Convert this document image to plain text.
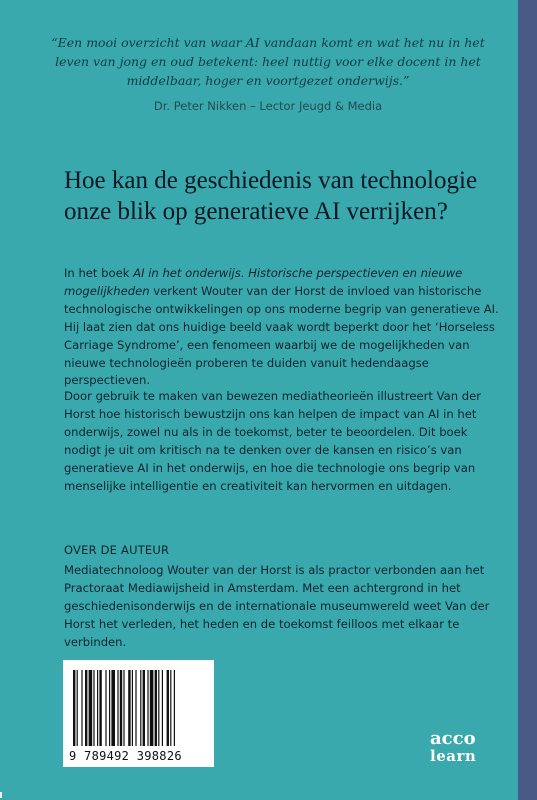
“Een mooi overzicht van waar AI vandaan komt en wat het nu in het leven van jong en oud betekent: heel nuttig voor elke docent in het middelbaar, hoger en voortgezet onderwijs.”
Dr. Peter Nikken – Lector Jeugd & Media
Hoe kan de geschiedenis van technologie onze blik op generatieve AI verrijken?
In het boek AI in het onderwijs. Historische perspectieven en nieuwe mogelijkheden verkent Wouter van der Horst de invloed van historische technologische ontwikkelingen op ons moderne begrip van generatieve AI. Hij laat zien dat ons huidige beeld vaak wordt beperkt door het ‘Horseless Carriage Syndrome’, een fenomeen waarbij we de mogelijkheden van nieuwe technologieën proberen te duiden vanuit hedendaagse perspectieven.
Door gebruik te maken van bewezen mediatheorieën illustreert Van der Horst hoe historisch bewustzijn ons kan helpen de impact van AI in het onderwijs, zowel nu als in de toekomst, beter te beoordelen. Dit boek nodigt je uit om kritisch na te denken over de kansen en risico’s van generatieve AI in het onderwijs, en hoe die technologie ons begrip van menselijke intelligentie en creativiteit kan hervormen en uitdagen.
OVER DE AUTEUR
Mediatechnoloog Wouter van der Horst is als practor verbonden aan het Practoraat Mediawijsheid in Amsterdam. Met een achtergrond in het geschiedenisonderwijs en de internationale museumwereld weet Van der Horst het verleden, het heden en de toekomst feilloos met elkaar te verbinden.
9 789492 398826
acco
learn
